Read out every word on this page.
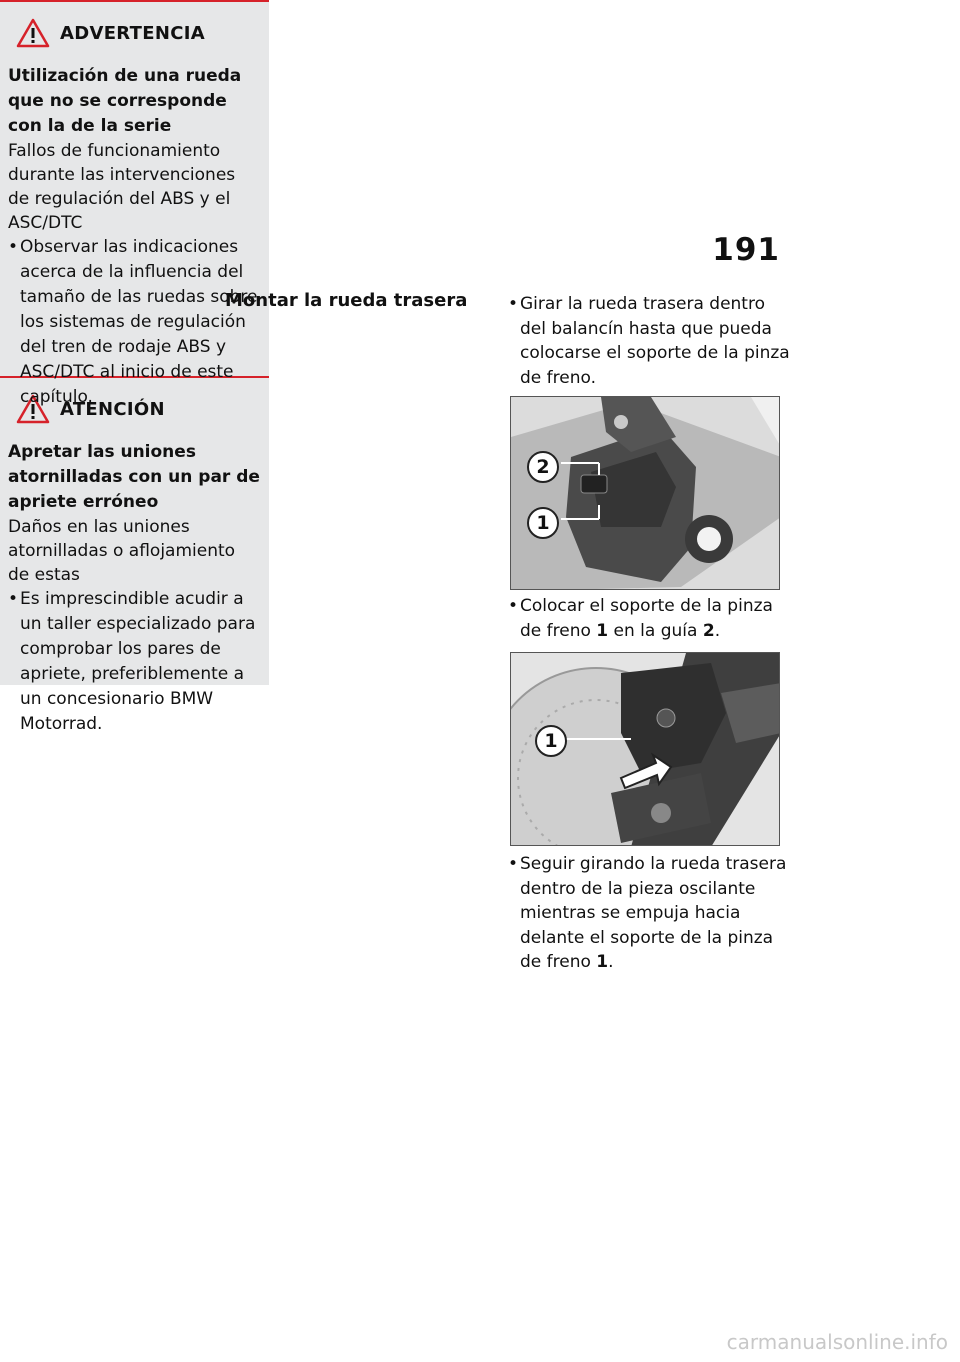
191
Montar la rueda trasera
ADVERTENCIA
Utilización de una rueda que no se corresponde con la de la serie
Fallos de funcionamiento durante las intervenciones de regulación del ABS y el ASC/DTC
• Observar las indicaciones acerca de la influencia del tamaño de las ruedas sobre los sistemas de regulación del tren de rodaje ABS y ASC/DTC al inicio de este capítulo.
ATENCIÓN
Apretar las uniones atornilladas con un par de apriete erróneo
Daños en las uniones atornilladas o aflojamiento de estas
• Es imprescindible acudir a un taller especializado para comprobar los pares de apriete, preferiblemente a un concesionario BMW Motorrad.
• Girar la rueda trasera dentro del balancín hasta que pueda colocarse el soporte de la pinza de freno.
2
1
• Colocar el soporte de la pinza de freno 1 en la guía 2.
1
• Seguir girando la rueda trasera dentro de la pieza oscilante mientras se empuja hacia delante el soporte de la pinza de freno 1.
carmanualsonline.info
